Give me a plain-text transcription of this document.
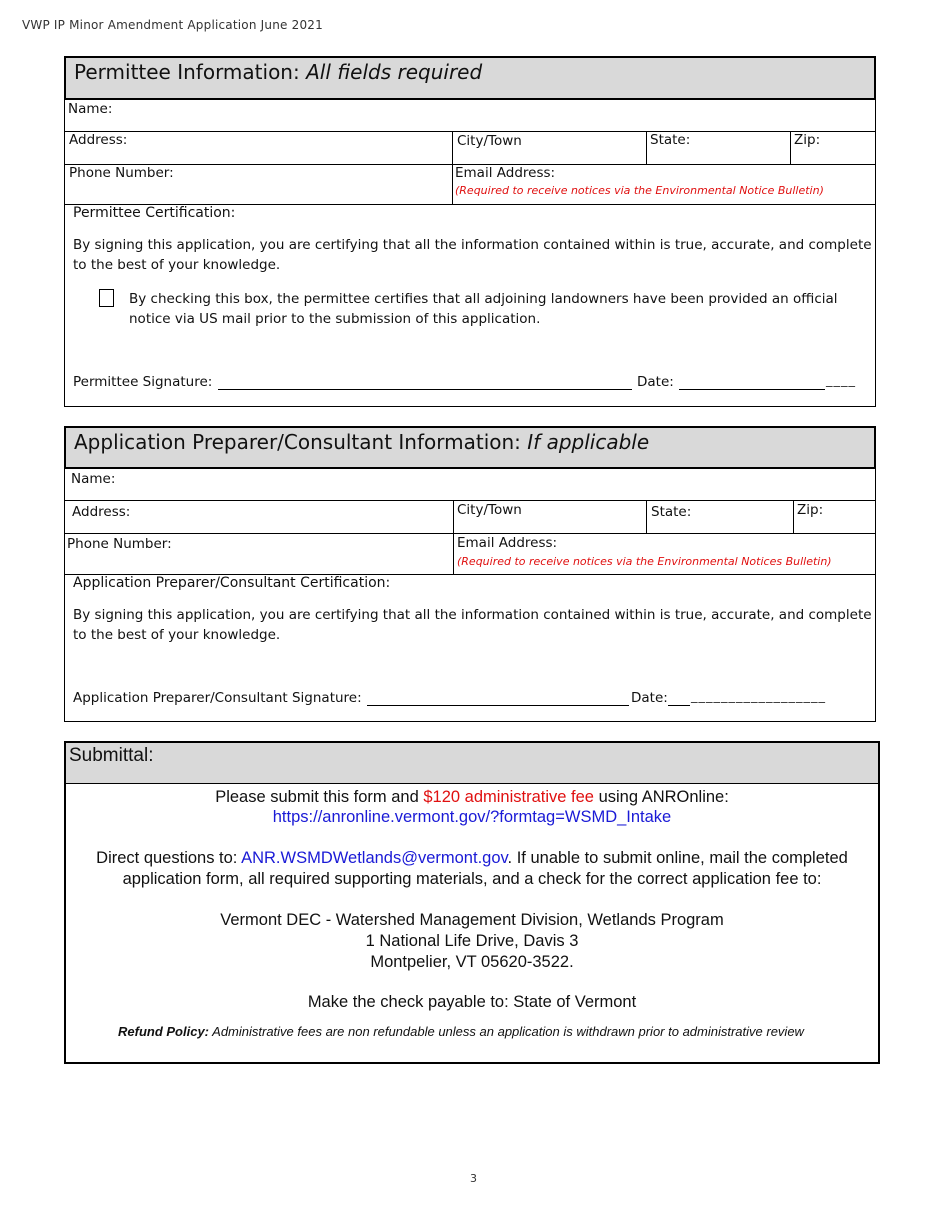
VWP IP Minor Amendment Application June 2021
Permittee Information: All fields required
Name:
Address:	City/Town	State:	Zip:
Phone Number:	Email Address:
(Required to receive notices via the Environmental Notice Bulletin)
Permittee Certification:
By signing this application, you are certifying that all the information contained within is true, accurate, and complete to the best of your knowledge.
By checking this box, the permittee certifies that all adjoining landowners have been provided an official notice via US mail prior to the submission of this application.
Permittee Signature:	Date:	____
Application Preparer/Consultant Information: If applicable
Name:
Address:	City/Town	State:	Zip:
Phone Number:	Email Address:
(Required to receive notices via the Environmental Notices Bulletin)
Application Preparer/Consultant Certification:
By signing this application, you are certifying that all the information contained within is true, accurate, and complete to the best of your knowledge.
Application Preparer/Consultant Signature:	Date: __________________
Submittal:
Please submit this form and $120 administrative fee using ANROnline:
https://anronline.vermont.gov/?formtag=WSMD_Intake
Direct questions to: ANR.WSMDWetlands@vermont.gov. If unable to submit online, mail the completed
application form, all required supporting materials, and a check for the correct application fee to:
Vermont DEC - Watershed Management Division, Wetlands Program
1 National Life Drive, Davis 3
Montpelier, VT 05620-3522.
Make the check payable to: State of Vermont
Refund Policy: Administrative fees are non refundable unless an application is withdrawn prior to administrative review
3
